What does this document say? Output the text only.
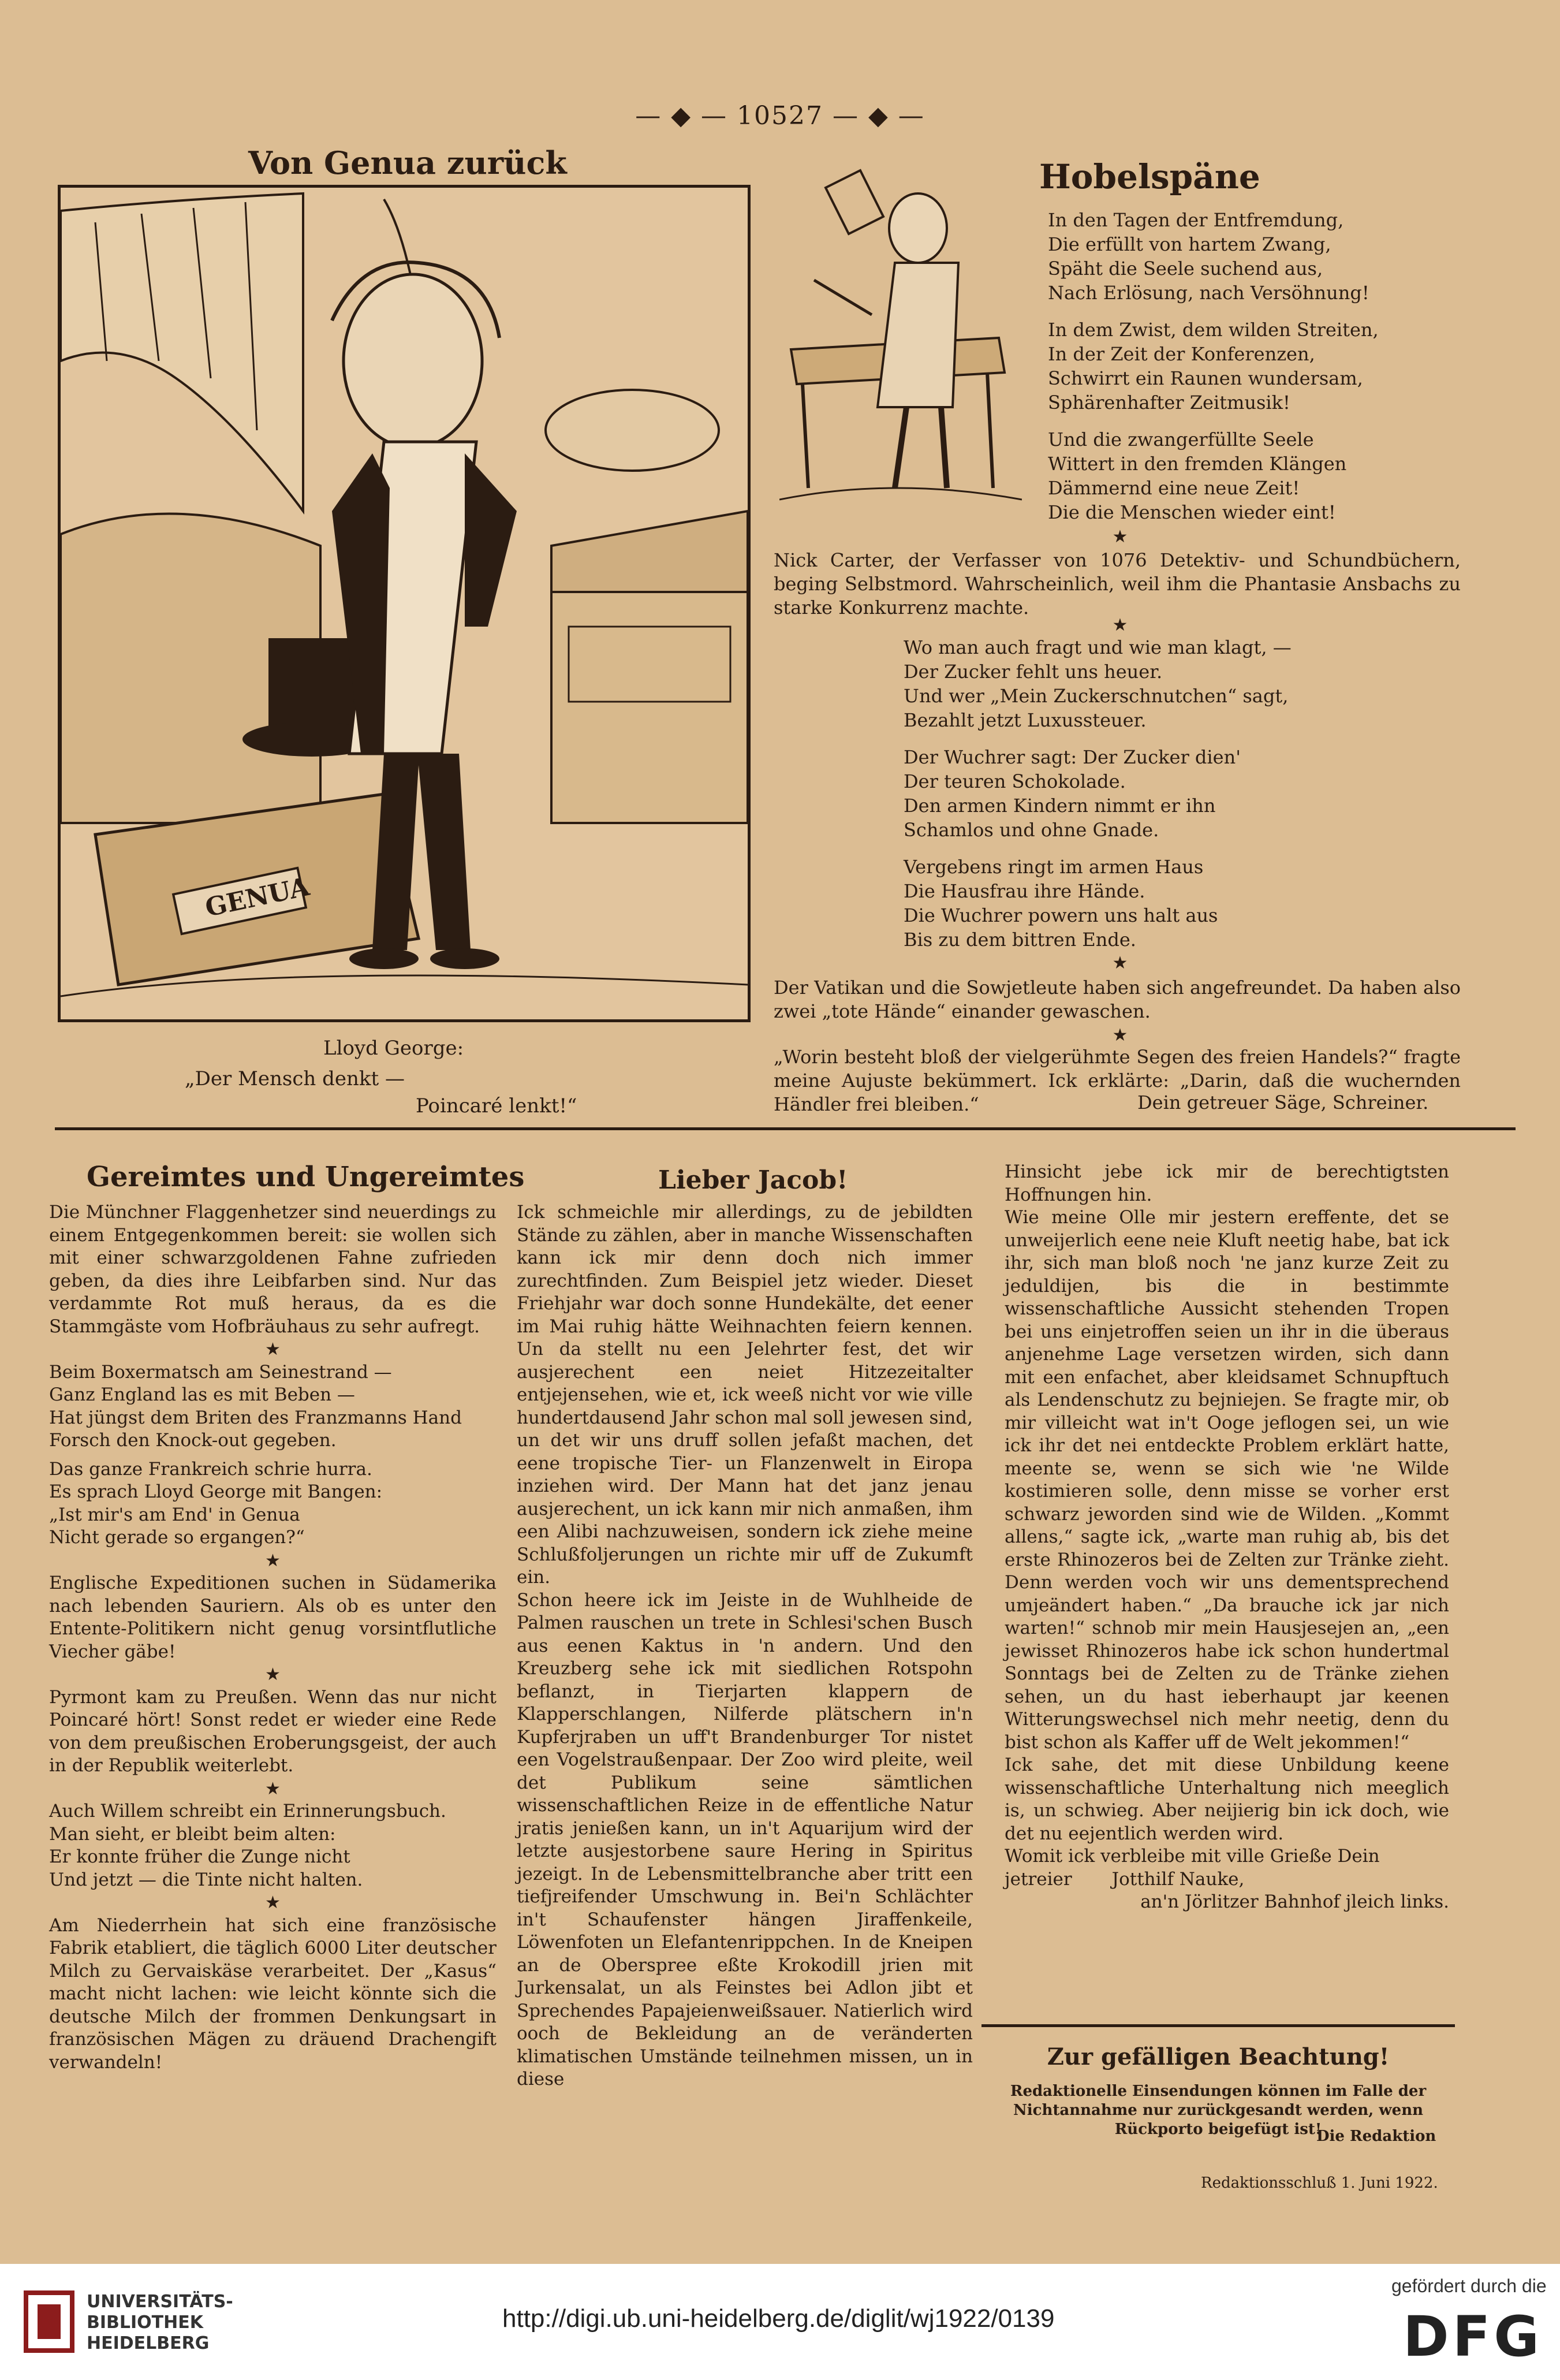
— ◆ — 10527 — ◆ —
Von Genua zurück
GENUA
Lloyd George:
„Der Mensch denkt —
Poincaré lenkt!“
Hobelspäne
In den Tagen der Entfremdung,
Die erfüllt von hartem Zwang,
Späht die Seele suchend aus,
Nach Erlösung, nach Versöhnung!
In dem Zwist, dem wilden Streiten,
In der Zeit der Konferenzen,
Schwirrt ein Raunen wundersam,
Sphärenhafter Zeitmusik!
Und die zwangerfüllte Seele
Wittert in den fremden Klängen
Dämmernd eine neue Zeit!
Die die Menschen wieder eint!
★
Nick Carter, der Verfasser von 1076 Detektiv- und Schundbüchern, beging Selbstmord. Wahrscheinlich, weil ihm die Phantasie Ansbachs zu starke Konkurrenz machte.
★
Wo man auch fragt und wie man klagt, —
Der Zucker fehlt uns heuer.
Und wer „Mein Zuckerschnutchen“ sagt,
Bezahlt jetzt Luxussteuer.
Der Wuchrer sagt: Der Zucker dien'
Der teuren Schokolade.
Den armen Kindern nimmt er ihn
Schamlos und ohne Gnade.
Vergebens ringt im armen Haus
Die Hausfrau ihre Hände.
Die Wuchrer powern uns halt aus
Bis zu dem bittren Ende.
★
Der Vatikan und die Sowjetleute haben sich angefreundet. Da haben also zwei „tote Hände“ einander gewaschen.
★
„Worin besteht bloß der vielgerühmte Segen des freien Handels?“ fragte meine Aujuste bekümmert. Ick erklärte: „Darin, daß die wuchernden Händler frei bleiben.“	Dein getreuer Säge, Schreiner.
Gereimtes und Ungereimtes
Die Münchner Flaggenhetzer sind neuerdings zu einem Entgegenkommen bereit: sie wollen sich mit einer schwarzgoldenen Fahne zufrieden geben, da dies ihre Leibfarben sind. Nur das verdammte Rot muß heraus, da es die Stammgäste vom Hofbräuhaus zu sehr aufregt.
★
Beim Boxermatsch am Seinestrand —
Ganz England las es mit Beben —
Hat jüngst dem Briten des Franzmanns Hand
Forsch den Knock-out gegeben.
Das ganze Frankreich schrie hurra.
Es sprach Lloyd George mit Bangen:
„Ist mir's am End' in Genua
Nicht gerade so ergangen?“
★
Englische Expeditionen suchen in Südamerika nach lebenden Sauriern. Als ob es unter den Entente-Politikern nicht genug vorsintflutliche Viecher gäbe!
★
Pyrmont kam zu Preußen. Wenn das nur nicht Poincaré hört! Sonst redet er wieder eine Rede von dem preußischen Eroberungsgeist, der auch in der Republik weiterlebt.
★
Auch Willem schreibt ein Erinnerungsbuch.
Man sieht, er bleibt beim alten:
Er konnte früher die Zunge nicht
Und jetzt — die Tinte nicht halten.
★
Am Niederrhein hat sich eine französische Fabrik etabliert, die täglich 6000 Liter deutscher Milch zu Gervaiskäse verarbeitet. Der „Kasus“ macht nicht lachen: wie leicht könnte sich die deutsche Milch der frommen Denkungsart in französischen Mägen zu dräuend Drachengift verwandeln!
Lieber Jacob!
Ick schmeichle mir allerdings, zu de jebildten Stände zu zählen, aber in manche Wissenschaften kann ick mir denn doch nich immer zurechtfinden. Zum Beispiel jetz wieder. Dieset Friehjahr war doch sonne Hundekälte, det eener im Mai ruhig hätte Weihnachten feiern kennen. Un da stellt nu een Jelehrter fest, det wir ausjerechent een neiet Hitzezeitalter entjejensehen, wie et, ick weeß nicht vor wie ville hundertdausend Jahr schon mal soll jewesen sind, un det wir uns druff sollen jefaßt machen, det eene tropische Tier- un Flanzenwelt in Eiropa inziehen wird. Der Mann hat det janz jenau ausjerechent, un ick kann mir nich anmaßen, ihm een Alibi nachzuweisen, sondern ick ziehe meine Schlußfoljerungen un richte mir uff de Zukumft ein.
Schon heere ick im Jeiste in de Wuhlheide de Palmen rauschen un trete in Schlesi'schen Busch aus eenen Kaktus in 'n andern. Und den Kreuzberg sehe ick mit siedlichen Rotspohn beflanzt, in Tierjarten klappern de Klapperschlangen, Nilferde plätschern in'n Kupferjraben un uff't Brandenburger Tor nistet een Vogelstraußenpaar. Der Zoo wird pleite, weil det Publikum seine sämtlichen wissenschaftlichen Reize in de effentliche Natur jratis jenießen kann, un in't Aquarijum wird der letzte ausjestorbene saure Hering in Spiritus jezeigt. In de Lebensmittelbranche aber tritt een tiefjreifender Umschwung in. Bei'n Schlächter in't Schaufenster hängen Jiraffenkeile, Löwenfoten un Elefantenrippchen. In de Kneipen an de Oberspree eßte Krokodill jrien mit Jurkensalat, un als Feinstes bei Adlon jibt et Sprechendes Papajeienweißsauer. Natierlich wird ooch de Bekleidung an de veränderten klimatischen Umstände teilnehmen missen, un in diese
Hinsicht jebe ick mir de berechtigtsten Hoffnungen hin.
Wie meine Olle mir jestern ereffente, det se unweijerlich eene neie Kluft neetig habe, bat ick ihr, sich man bloß noch 'ne janz kurze Zeit zu jeduldijen, bis die in bestimmte wissenschaftliche Aussicht stehenden Tropen bei uns einjetroffen seien un ihr in die überaus anjenehme Lage versetzen wirden, sich dann mit een enfachet, aber kleidsamet Schnupftuch als Lendenschutz zu bejniejen. Se fragte mir, ob mir villeicht wat in't Ooge jeflogen sei, un wie ick ihr det nei entdeckte Problem erklärt hatte, meente se, wenn se sich wie 'ne Wilde kostimieren solle, denn misse se vorher erst schwarz jeworden sind wie de Wilden. „Kommt allens,“ sagte ick, „warte man ruhig ab, bis det erste Rhinozeros bei de Zelten zur Tränke zieht. Denn werden voch wir uns dementsprechend umjeändert haben.“ „Da brauche ick jar nich warten!“ schnob mir mein Hausjesejen an, „een jewisset Rhinozeros habe ick schon hundertmal Sonntags bei de Zelten zu de Tränke ziehen sehen, un du hast ieberhaupt jar keenen Witterungswechsel nich mehr neetig, denn du bist schon als Kaffer uff de Welt jekommen!“
Ick sahe, det mit diese Unbildung keene wissenschaftliche Unterhaltung nich meeglich is, un schwieg. Aber neijierig bin ick doch, wie det nu eejentlich werden wird.
Womit ick verbleibe mit ville Grieße Dein
jetreier Jotthilf Nauke,
an'n Jörlitzer Bahnhof jleich links.
Zur gefälligen Beachtung!
Redaktionelle Einsendungen können im Falle der Nichtannahme nur zurückgesandt werden, wenn Rückporto beigefügt ist!
Die Redaktion
Redaktionsschluß 1. Juni 1922.
UNIVERSITÄTS-
BIBLIOTHEK
HEIDELBERG
http://digi.ub.uni-heidelberg.de/diglit/wj1922/0139
gefördert durch die
DFG
